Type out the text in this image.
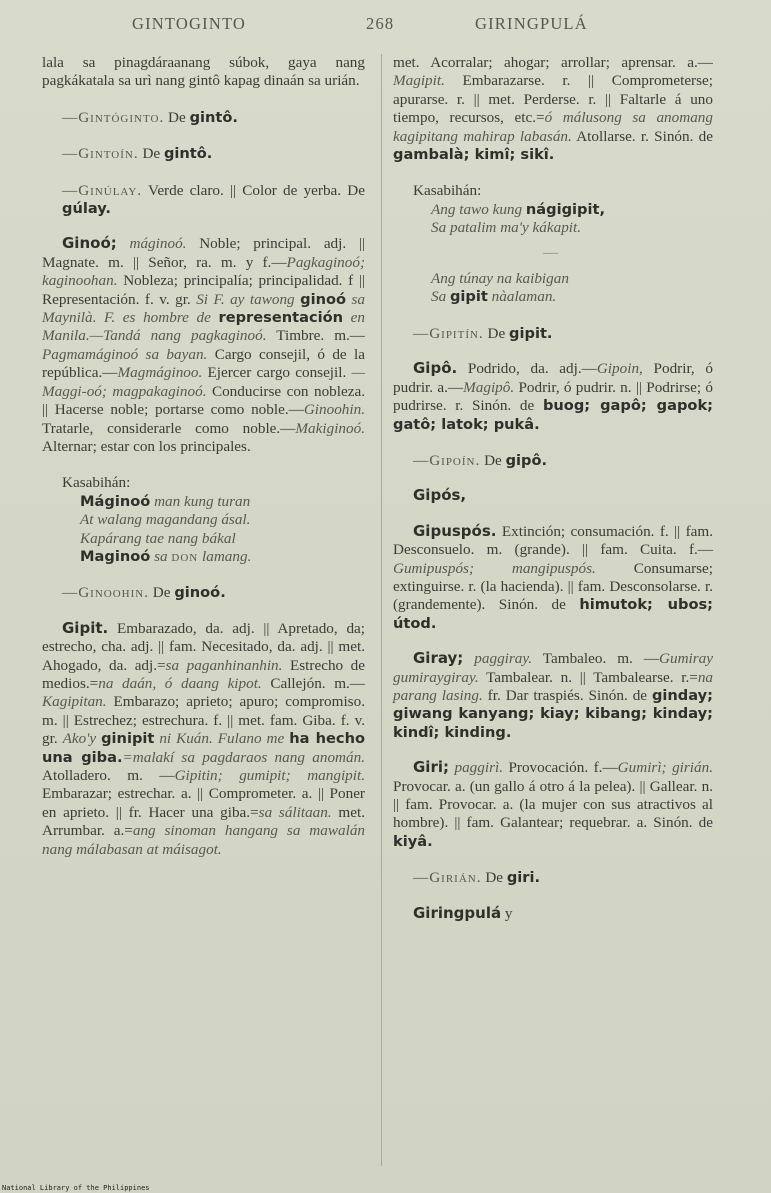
GINTOGINTO	268	GIRINGPULÁ

lala sa pinagdáraanang súbok, gaya nang pagkákatala sa urì nang gintô kapag dinaán sa urián.

—Gintóginto. De gintô.

—Gintoín. De gintô.

—Ginúlay. Verde claro. || Color de yerba. De gúlay.

Ginoó; máginoó. Noble; principal. adj. || Magnate. m. || Señor, ra. m. y f.—Pagkaginoó; kaginoohan. Nobleza; principalía; principalidad. f || Representación. f. v. gr. Si F. ay tawong ginoó sa Maynilà. F. es hombre de representación en Manila.—Tandá nang pagkaginoó. Timbre. m.—Pagmamáginoó sa bayan. Cargo consejil, ó de la república.—Magmáginoo. Ejercer cargo consejil. —Maggi-oó; magpakaginoó. Conducirse con nobleza. || Hacerse noble; portarse como noble.—Ginoohin. Tratarle, considerarle como noble.—Makiginoó. Alternar; estar con los principales.

Kasabihán:

Máginoó man kung turan

At walang magandang ásal.

Kapárang tae nang bákal

Maginoó sa don lamang.

—Ginoohin. De ginoó.

Gipit. Embarazado, da. adj. || Apretado, da; estrecho, cha. adj. || fam. Necesitado, da. adj. || met. Ahogado, da. adj.=sa paganhinanhin. Estrecho de medios.=na daán, ó daang kipot. Callejón. m.—Kagipitan. Embarazo; aprieto; apuro; compromiso. m. || Estrechez; estrechura. f. || met. fam. Giba. f. v. gr. Ako'y ginipit ni Kuán. Fulano me ha hecho una giba.=malakí sa pagdaraos nang anomán. Atolladero. m. —Gipitin; gumipit; mangipit. Embarazar; estrechar. a. || Comprometer. a. || Poner en aprieto. || fr. Hacer una giba.=sa sálitaan. met. Arrumbar. a.=ang sinoman hangang sa mawalán nang málabasan at máisagot.

met. Acorralar; ahogar; arrollar; aprensar. a.—Magipit. Embarazarse. r. || Comprometerse; apurarse. r. || met. Perderse. r. || Faltarle á uno tiempo, recursos, etc.=ó málusong sa anomang kagipitang mahirap labasán. Atollarse. r. Sinón. de gambalà; kimî; sikî.

Kasabihán:

Ang tawo kung nágigipit,

Sa patalim ma'y kákapit.

—

Ang túnay na kaibigan

Sa gipit nàalaman.

—Gipitín. De gipit.

Gipô. Podrido, da. adj.—Gipoin, Podrir, ó pudrir. a.—Magipô. Podrir, ó pudrir. n. || Podrirse; ó pudrirse. r. Sinón. de buog; gapô; gapok; gatô; latok; pukâ.

—Gipoín. De gipô.

Gipós,

Gipuspós. Extinción; consumación. f. || fam. Desconsuelo. m. (grande). || fam. Cuita. f.—Gumipuspós; mangipuspós. Consumarse; extinguirse. r. (la hacienda). || fam. Desconsolarse. r. (grandemente). Sinón. de himutok; ubos; útod.

Giray; paggiray. Tambaleo. m. —Gumiray gumiraygiray. Tambalear. n. || Tambalearse. r.=na parang lasing. fr. Dar traspiés. Sinón. de ginday; giwang kanyang; kiay; kibang; kinday; kindî; kinding.

Giri; paggirì. Provocación. f.—Gumirì; girián. Provocar. a. (un gallo á otro á la pelea). || Gallear. n. || fam. Provocar. a. (la mujer con sus atractivos al hombre). || fam. Galantear; requebrar. a. Sinón. de kiyâ.

—Girián. De giri.

Giringpulá y

National Library of the Philippines
